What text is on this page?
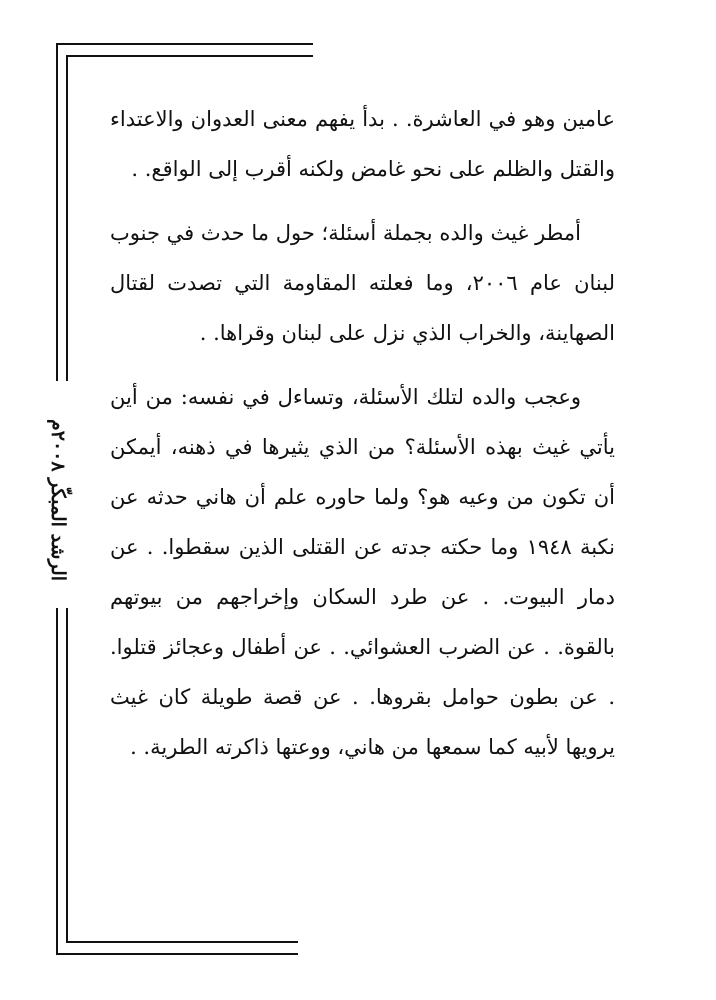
الرشد المبكّر ٢٠٠٨م

عامين وهو في العاشرة. . بدأ يفهم معنى العدوان والاعتداء والقتل والظلم على نحو غامض ولكنه أقرب إلى الواقع. .

أمطر غيث والده بجملة أسئلة؛ حول ما حدث في جنوب لبنان عام ٢٠٠٦، وما فعلته المقاومة التي تصدت لقتال الصهاينة، والخراب الذي نزل على لبنان وقراها. .

وعجب والده لتلك الأسئلة، وتساءل في نفسه: من أين يأتي غيث بهذه الأسئلة؟ من الذي يثيرها في ذهنه، أيمكن أن تكون من وعيه هو؟ ولما حاوره علم أن هاني حدثه عن نكبة ١٩٤٨ وما حكته جدته عن القتلى الذين سقطوا. . عن دمار البيوت. . عن طرد السكان وإخراجهم من بيوتهم بالقوة. . عن الضرب العشوائي. . عن أطفال وعجائز قتلوا. . عن بطون حوامل بقروها. . عن قصة طويلة كان غيث يرويها لأبيه كما سمعها من هاني، ووعتها ذاكرته الطرية. .
